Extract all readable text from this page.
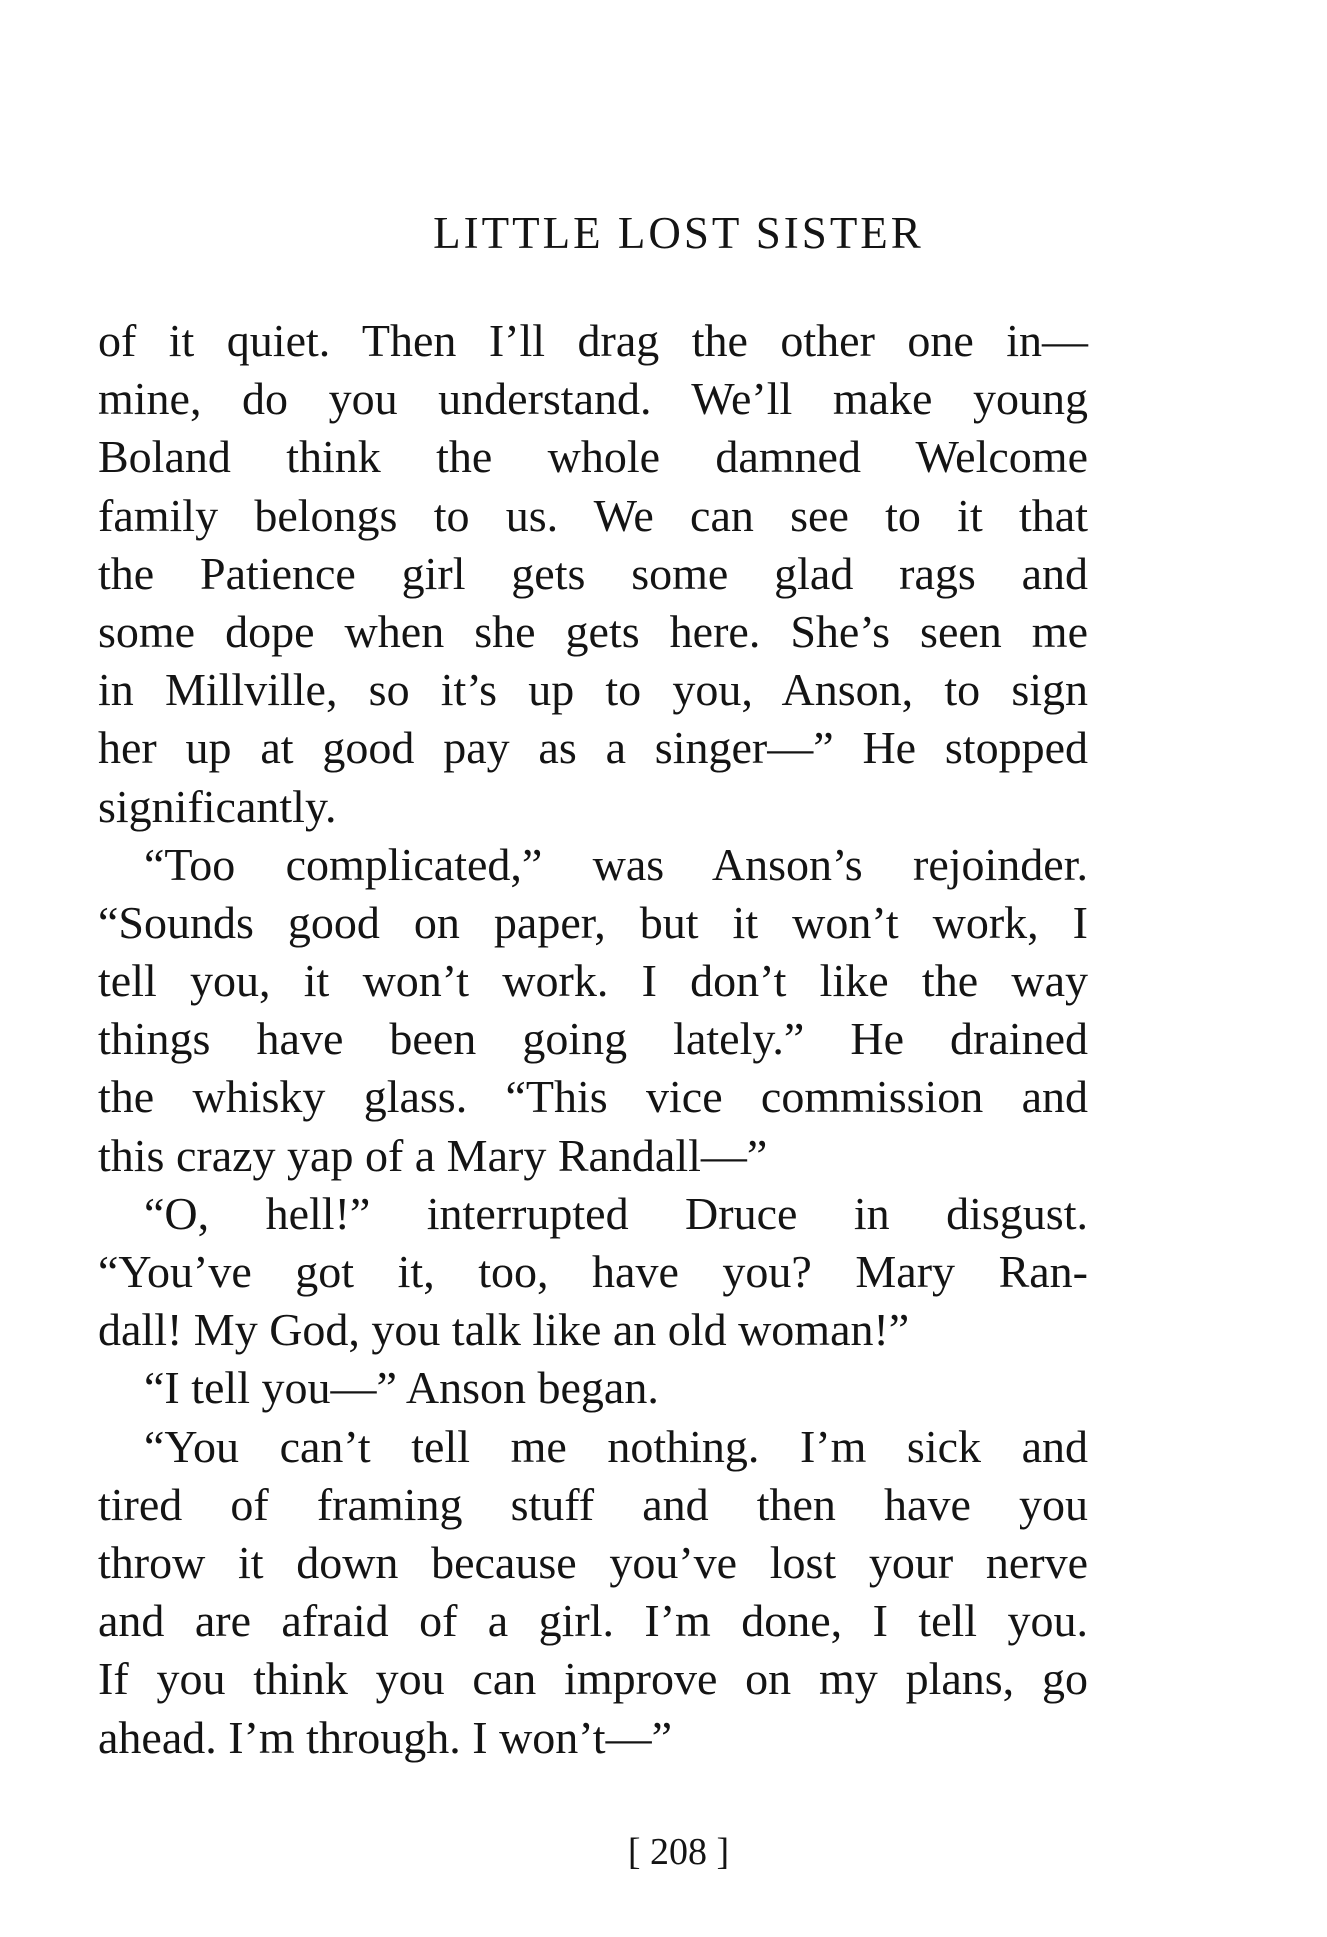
LITTLE LOST SISTER
of it quiet. Then I’ll drag the other one in—
mine, do you understand. We’ll make young
Boland think the whole damned Welcome
family belongs to us. We can see to it that
the Patience girl gets some glad rags and
some dope when she gets here. She’s seen me
in Millville, so it’s up to you, Anson, to sign
her up at good pay as a singer—” He stopped
significantly.
“Too complicated,” was Anson’s rejoinder.
“Sounds good on paper, but it won’t work, I
tell you, it won’t work. I don’t like the way
things have been going lately.” He drained
the whisky glass. “This vice commission and
this crazy yap of a Mary Randall—”
“O, hell!” interrupted Druce in disgust.
“You’ve got it, too, have you? Mary Ran-
dall! My God, you talk like an old woman!”
“I tell you—” Anson began.
“You can’t tell me nothing. I’m sick and
tired of framing stuff and then have you
throw it down because you’ve lost your nerve
and are afraid of a girl. I’m done, I tell you.
If you think you can improve on my plans, go
ahead. I’m through. I won’t—”
[ 208 ]
